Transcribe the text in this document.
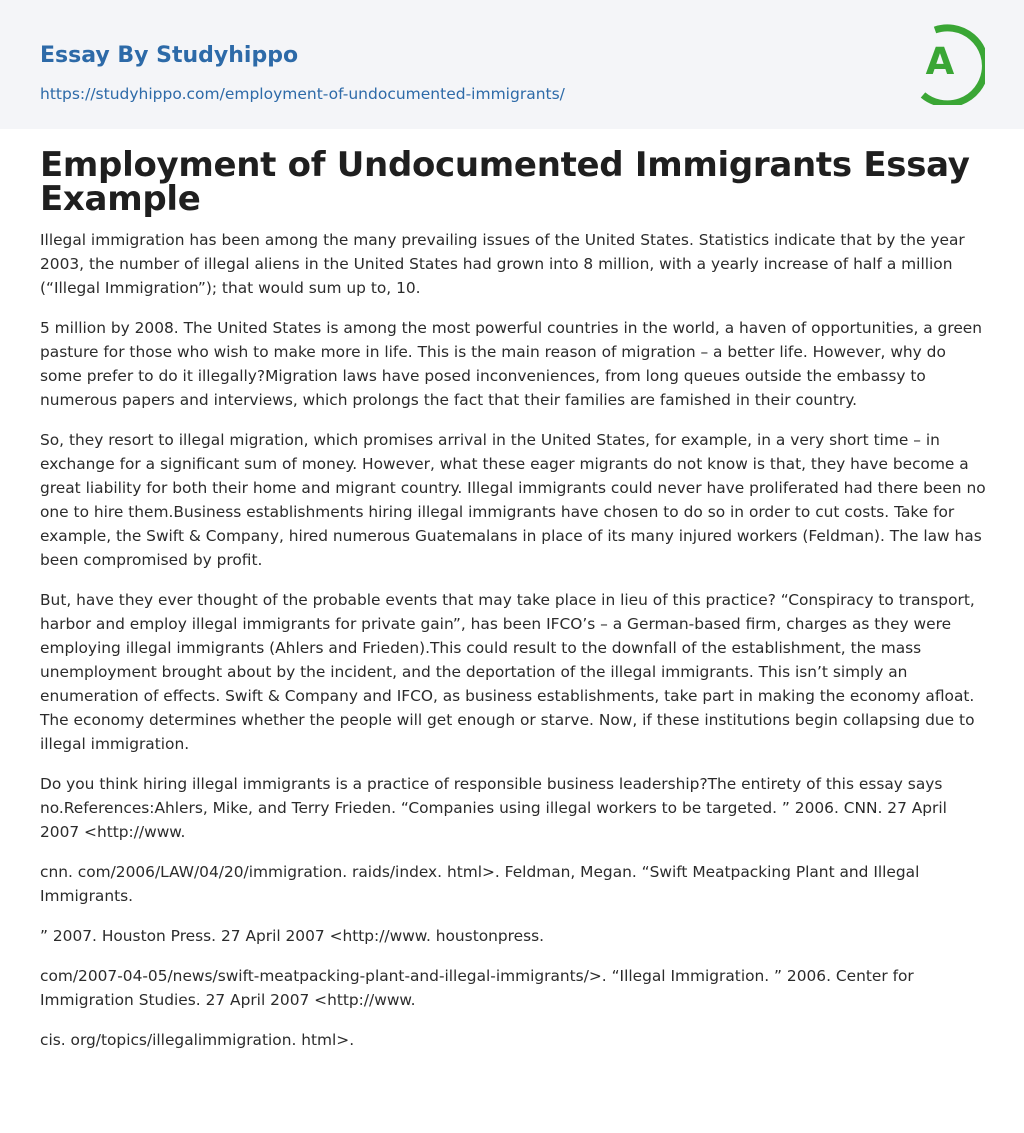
Essay By Studyhippo
https://studyhippo.com/employment-of-undocumented-immigrants/
A
Employment of Undocumented Immigrants Essay Example

Illegal immigration has been among the many prevailing issues of the United States. Statistics indicate that by the year 2003, the number of illegal aliens in the United States had grown into 8 million, with a yearly increase of half a million (“Illegal Immigration”); that would sum up to, 10.

5 million by 2008. The United States is among the most powerful countries in the world, a haven of opportunities, a green pasture for those who wish to make more in life. This is the main reason of migration – a better life. However, why do some prefer to do it illegally?Migration laws have posed inconveniences, from long queues outside the embassy to numerous papers and interviews, which prolongs the fact that their families are famished in their country.

So, they resort to illegal migration, which promises arrival in the United States, for example, in a very short time – in exchange for a significant sum of money. However, what these eager migrants do not know is that, they have become a great liability for both their home and migrant country. Illegal immigrants could never have proliferated had there been no one to hire them.Business establishments hiring illegal immigrants have chosen to do so in order to cut costs. Take for example, the Swift & Company, hired numerous Guatemalans in place of its many injured workers (Feldman). The law has been compromised by profit.

But, have they ever thought of the probable events that may take place in lieu of this practice? “Conspiracy to transport, harbor and employ illegal immigrants for private gain”, has been IFCO’s – a German-based firm, charges as they were employing illegal immigrants (Ahlers and Frieden).This could result to the downfall of the establishment, the mass unemployment brought about by the incident, and the deportation of the illegal immigrants. This isn’t simply an enumeration of effects. Swift & Company and IFCO, as business establishments, take part in making the economy afloat. The economy determines whether the people will get enough or starve. Now, if these institutions begin collapsing due to illegal immigration.

Do you think hiring illegal immigrants is a practice of responsible business leadership?The entirety of this essay says no.References:Ahlers, Mike, and Terry Frieden. “Companies using illegal workers to be targeted. ” 2006. CNN. 27 April 2007 <http://www.

cnn. com/2006/LAW/04/20/immigration. raids/index. html>. Feldman, Megan. “Swift Meatpacking Plant and Illegal Immigrants.

” 2007. Houston Press. 27 April 2007 <http://www. houstonpress.

com/2007-04-05/news/swift-meatpacking-plant-and-illegal-immigrants/>. “Illegal Immigration. ” 2006. Center for Immigration Studies. 27 April 2007 <http://www.

cis. org/topics/illegalimmigration. html>.
